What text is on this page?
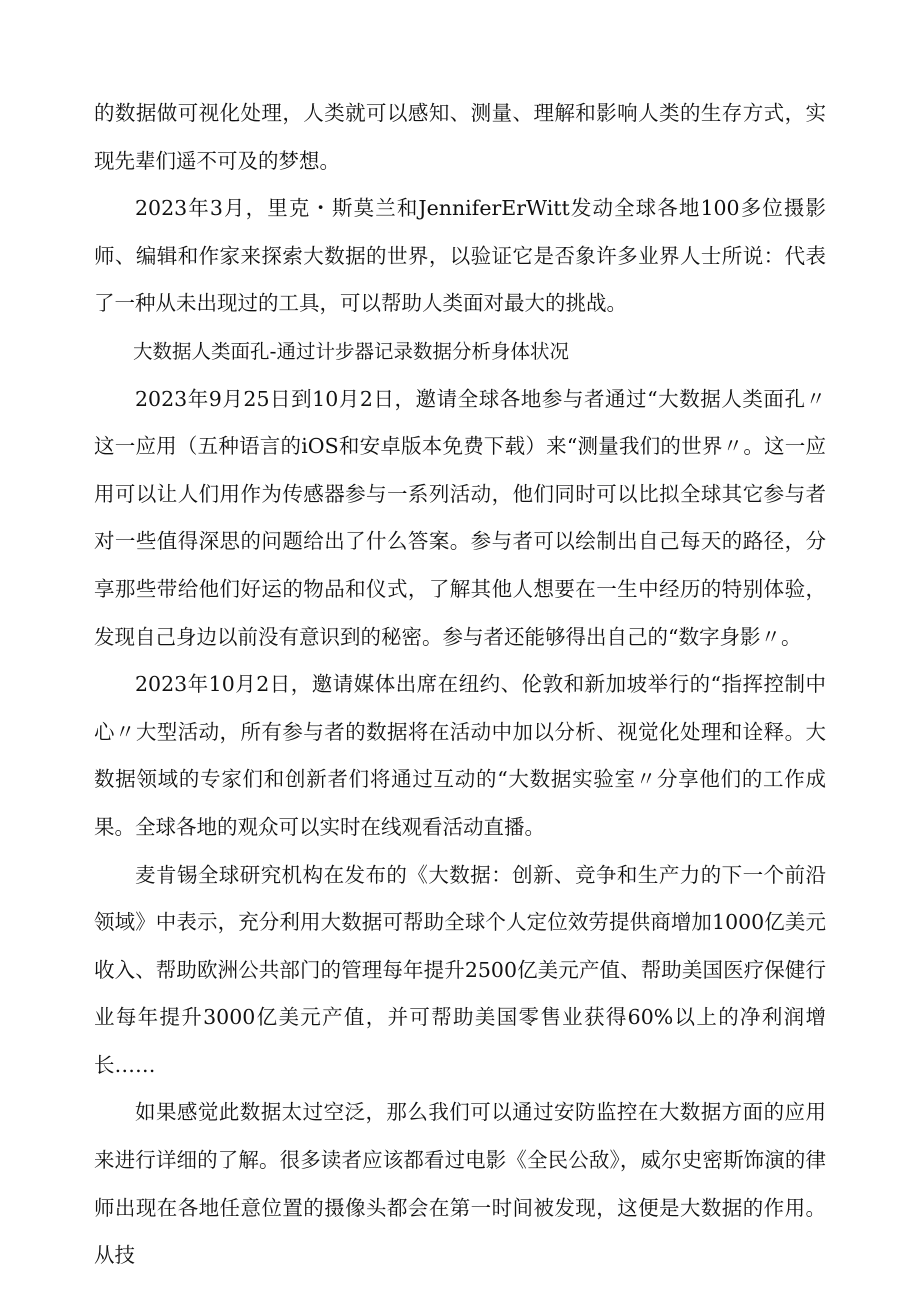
的数据做可视化处理，人类就可以感知、测量、理解和影响人类的生存方式，实现先辈们遥不可及的梦想。

2023年3月，里克・斯莫兰和JenniferErWitt发动全球各地100多位摄影师、编辑和作家来探索大数据的世界，以验证它是否象许多业界人士所说：代表了一种从未出现过的工具，可以帮助人类面对最大的挑战。

大数据人类面孔-通过计步器记录数据分析身体状况

2023年9月25日到10月2日，邀请全球各地参与者通过“大数据人类面孔〃这一应用（五种语言的iOS和安卓版本免费下载）来“测量我们的世界〃。这一应用可以让人们用作为传感器参与一系列活动，他们同时可以比拟全球其它参与者对一些值得深思的问题给出了什么答案。参与者可以绘制出自己每天的路径，分享那些带给他们好运的物品和仪式，了解其他人想要在一生中经历的特别体验，发现自己身边以前没有意识到的秘密。参与者还能够得出自己的“数字身影〃。

2023年10月2日，邀请媒体出席在纽约、伦敦和新加坡举行的“指挥控制中心〃大型活动，所有参与者的数据将在活动中加以分析、视觉化处理和诠释。大数据领域的专家们和创新者们将通过互动的“大数据实验室〃分享他们的工作成果。全球各地的观众可以实时在线观看活动直播。

麦肯锡全球研究机构在发布的《大数据：创新、竞争和生产力的下一个前沿领域》中表示，充分利用大数据可帮助全球个人定位效劳提供商增加1000亿美元收入、帮助欧洲公共部门的管理每年提升2500亿美元产值、帮助美国医疗保健行业每年提升3000亿美元产值，并可帮助美国零售业获得60%以上的净利润增长……

如果感觉此数据太过空泛，那么我们可以通过安防监控在大数据方面的应用来进行详细的了解。很多读者应该都看过电影《全民公敌》，威尔史密斯饰演的律师出现在各地任意位置的摄像头都会在第一时间被发现，这便是大数据的作用。从技
